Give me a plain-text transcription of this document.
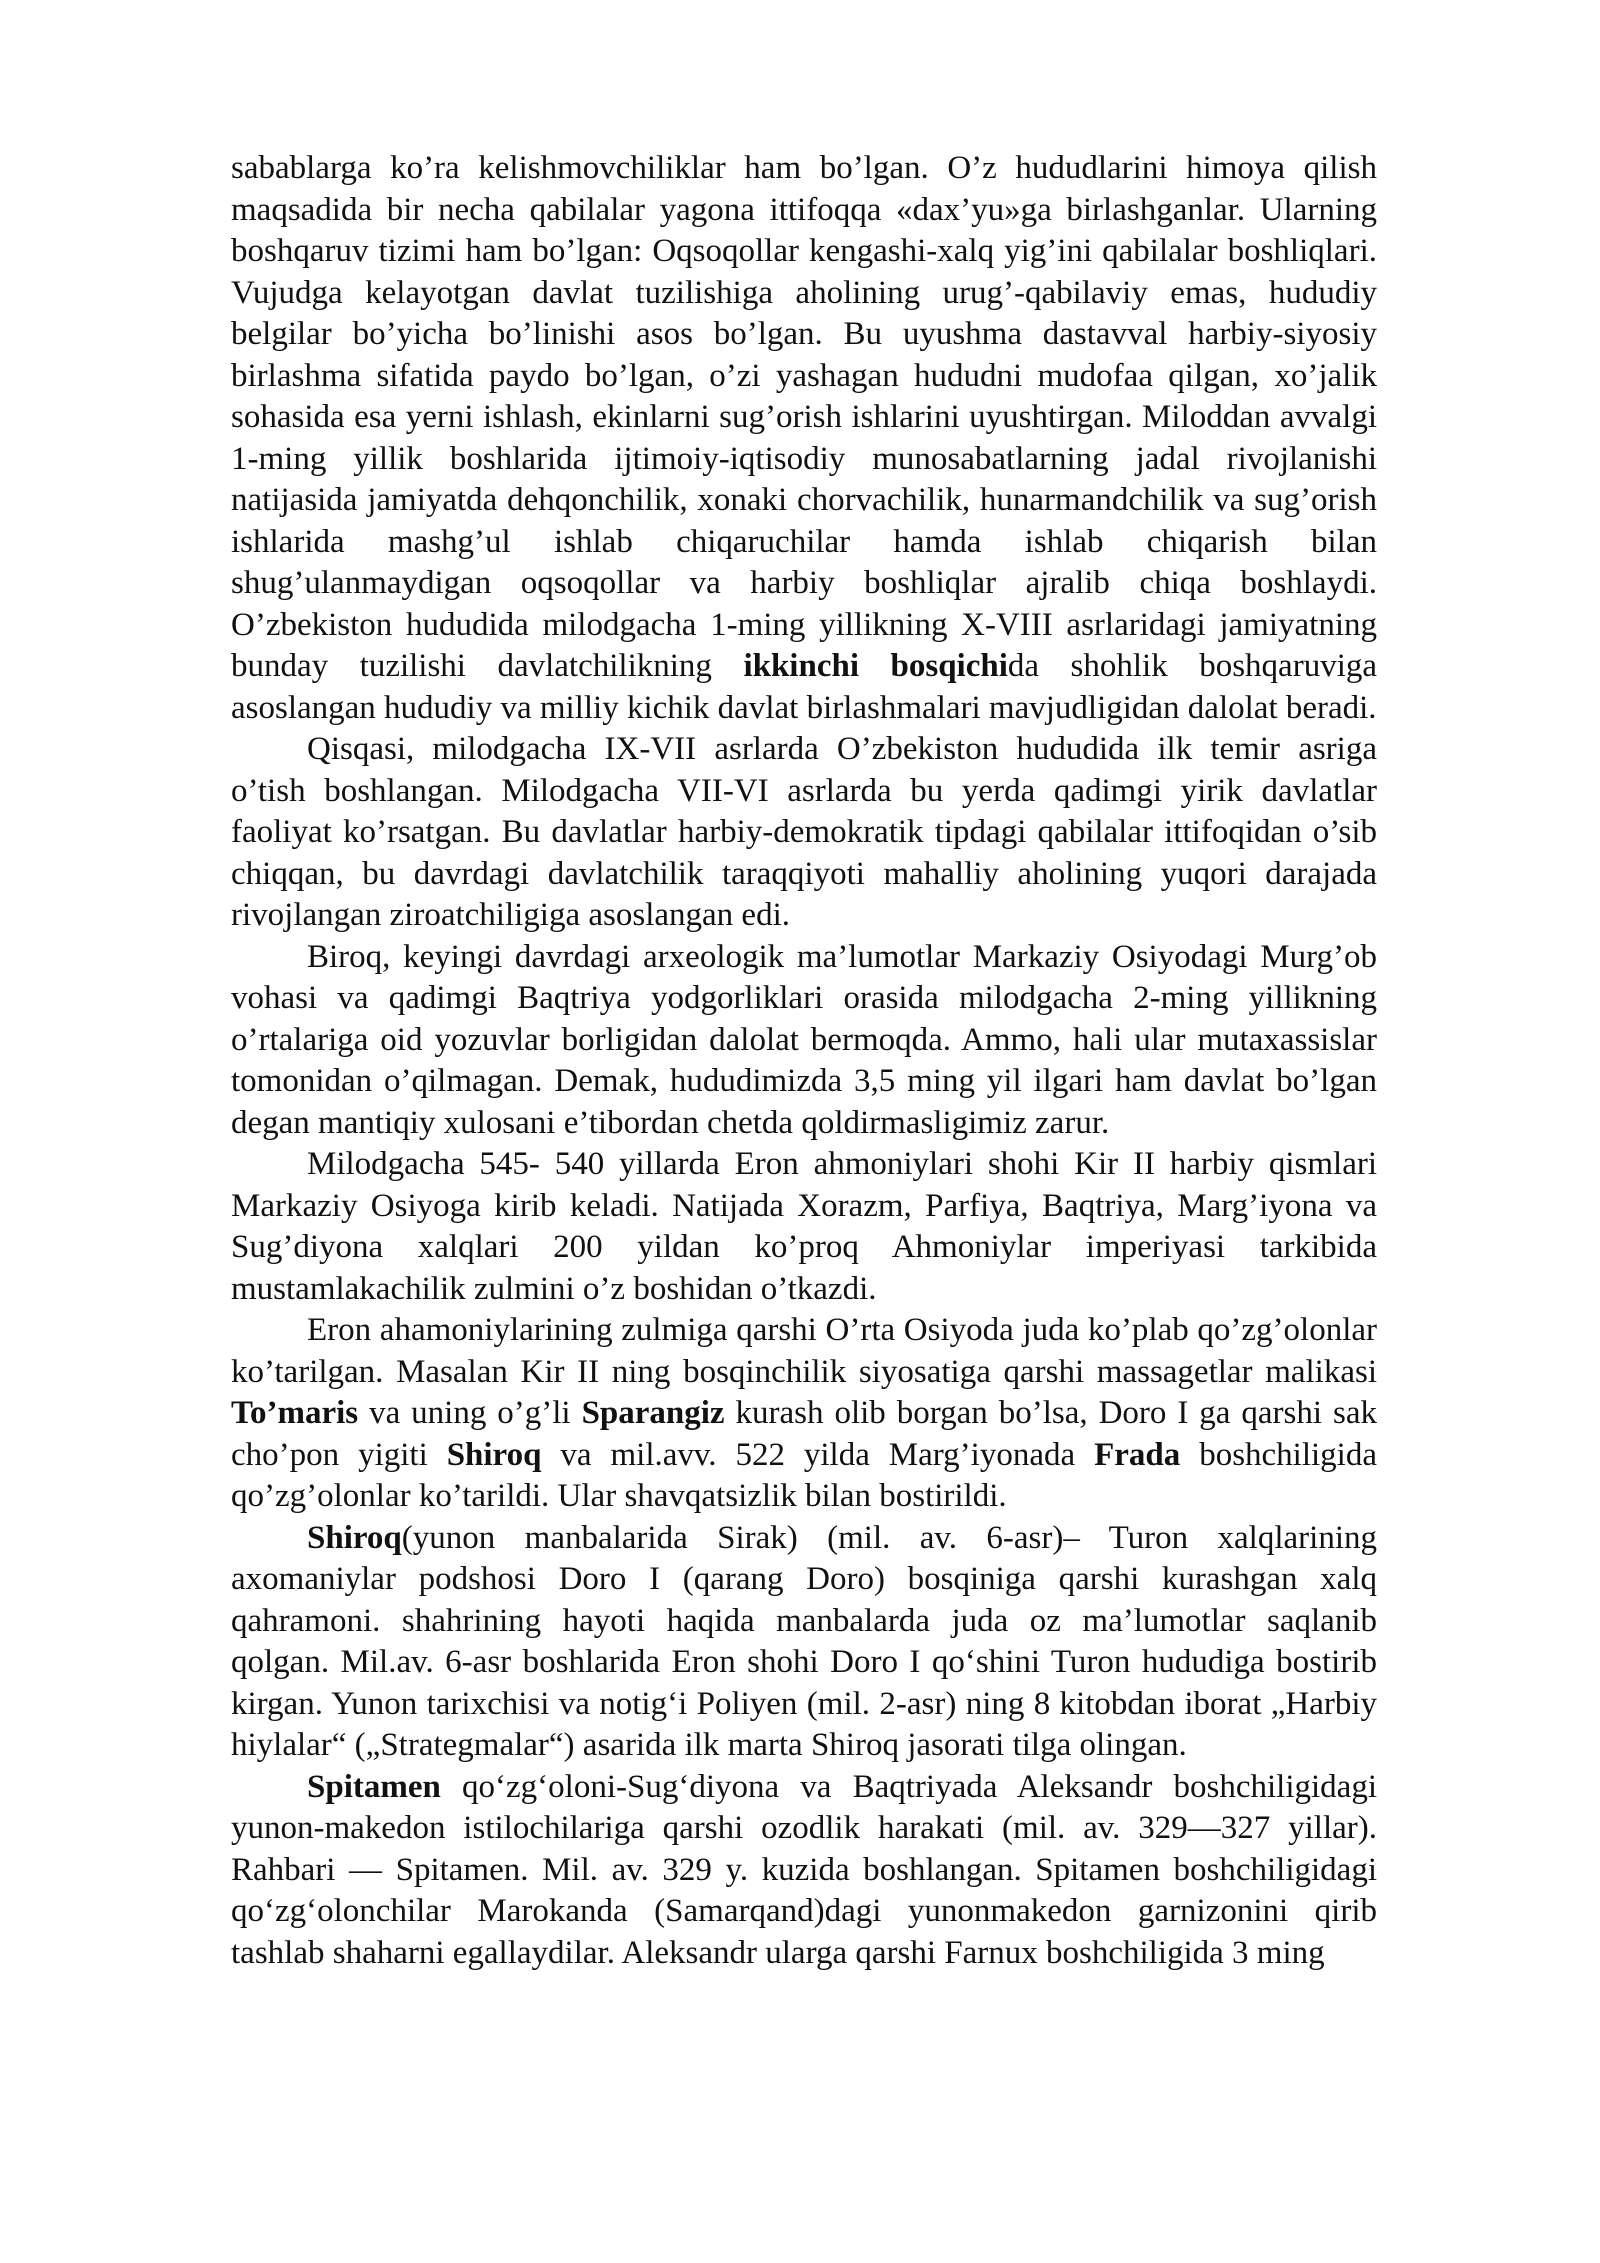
sabablarga ko’ra kelishmovchiliklar ham bo’lgan. O’z hududlarini himoya qilish maqsadida bir necha qabilalar yagona ittifoqqa «dax’yu»ga birlashganlar. Ularning boshqaruv tizimi ham bo’lgan: Oqsoqollar kengashi-xalq yig’ini qabilalar boshliqlari. Vujudga kelayotgan davlat tuzilishiga aholining urug’-qabilaviy emas, hududiy belgilar bo’yicha bo’linishi asos bo’lgan. Bu uyushma dastavval harbiy-siyosiy birlashma sifatida paydo bo’lgan, o’zi yashagan hududni mudofaa qilgan, xo’jalik sohasida esa yerni ishlash, ekinlarni sug’orish ishlarini uyushtirgan. Miloddan avvalgi 1-ming yillik boshlarida ijtimoiy-iqtisodiy munosabatlarning jadal rivojlanishi natijasida jamiyatda dehqonchilik, xonaki chorvachilik, hunarmandchilik va sug’orish ishlarida mashg’ul ishlab chiqaruchilar hamda ishlab chiqarish bilan shug’ulanmaydigan oqsoqollar va harbiy boshliqlar ajralib chiqa boshlaydi. O’zbekiston hududida milodgacha 1-ming yillikning X-VIII asrlaridagi jamiyatning bunday tuzilishi davlatchilikning ikkinchi bosqichida shohlik boshqaruviga asoslangan hududiy va milliy kichik davlat birlashmalari mavjudligidan dalolat beradi.

Qisqasi, milodgacha IX-VII asrlarda O’zbekiston hududida ilk temir asriga o’tish boshlangan. Milodgacha VII-VI asrlarda bu yerda qadimgi yirik davlatlar faoliyat ko’rsatgan. Bu davlatlar harbiy-demokratik tipdagi qabilalar ittifoqidan o’sib chiqqan, bu davrdagi davlatchilik taraqqiyoti mahalliy aholining yuqori darajada rivojlangan ziroatchiligiga asoslangan edi.

Biroq, keyingi davrdagi arxeologik ma’lumotlar Markaziy Osiyodagi Murg’ob vohasi va qadimgi Baqtriya yodgorliklari orasida milodgacha 2-ming yillikning o’rtalariga oid yozuvlar borligidan dalolat bermoqda. Ammo, hali ular mutaxassislar tomonidan o’qilmagan. Demak, hududimizda 3,5 ming yil ilgari ham davlat bo’lgan degan mantiqiy xulosani e’tibordan chetda qoldirmasligimiz zarur.

Milodgacha 545- 540 yillarda Eron ahmoniylari shohi Kir II harbiy qismlari Markaziy Osiyoga kirib keladi. Natijada Xorazm, Parfiya, Baqtriya, Marg’iyona va Sug’diyona xalqlari 200 yildan ko’proq Ahmoniylar imperiyasi tarkibida mustamlakachilik zulmini o’z boshidan o’tkazdi.

Eron ahamoniylarining zulmiga qarshi O’rta Osiyoda juda ko’plab qo’zg’olonlar ko’tarilgan. Masalan Kir II ning bosqinchilik siyosatiga qarshi massagetlar malikasi To’maris va uning o’g’li Sparangiz kurash olib borgan bo’lsa, Doro I ga qarshi sak cho’pon yigiti Shiroq va mil.avv. 522 yilda Marg’iyonada Frada boshchiligida qo’zg’olonlar ko’tarildi. Ular shavqatsizlik bilan bostirildi.

Shiroq(yunon manbalarida Sirak) (mil. av. 6-asr)– Turon xalqlarining axomaniylar podshosi Doro I (qarang Doro) bosqiniga qarshi kurashgan xalq qahramoni. shahrining hayoti haqida manbalarda juda oz ma’lumotlar saqlanib qolgan. Mil.av. 6-asr boshlarida Eron shohi Doro I qo‘shini Turon hududiga bostirib kirgan. Yunon tarixchisi va notig‘i Poliyen (mil. 2-asr) ning 8 kitobdan iborat „Harbiy hiylalar“ („Strategmalar“) asarida ilk marta Shiroq jasorati tilga olingan.

Spitamen qo‘zg‘oloni-Sug‘diyona va Baqtriyada Aleksandr boshchiligidagi yunon-makedon istilochilariga qarshi ozodlik harakati (mil. av. 329—327 yillar). Rahbari — Spitamen. Mil. av. 329 y. kuzida boshlangan. Spitamen boshchiligidagi qo‘zg‘olonchilar Marokanda (Samarqand)dagi yunonmakedon garnizonini qirib tashlab shaharni egallaydilar. Aleksandr ularga qarshi Farnux boshchiligida 3 ming
